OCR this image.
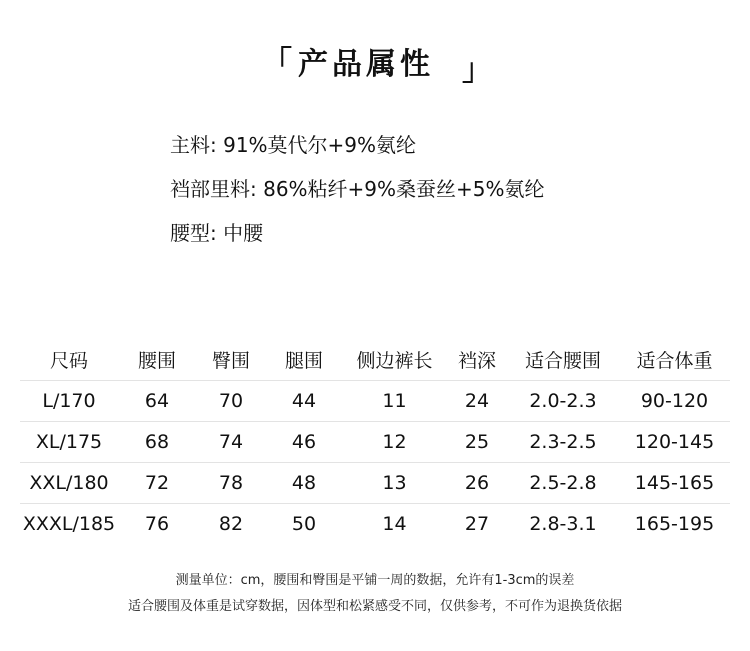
「 产品属性 」
主料: 91%莫代尔+9%氨纶
裆部里料: 86%粘纤+9%桑蚕丝+5%氨纶
腰型: 中腰
尺码	腰围	臀围	腿围	侧边裤长	裆深	适合腰围	适合体重
L/170	64	70	44	11	24	2.0-2.3	90-120
XL/175	68	74	46	12	25	2.3-2.5	120-145
XXL/180	72	78	48	13	26	2.5-2.8	145-165
XXXL/185	76	82	50	14	27	2.8-3.1	165-195
测量单位：cm，腰围和臀围是平铺一周的数据，允许有1-3cm的误差
适合腰围及体重是试穿数据，因体型和松紧感受不同，仅供参考，不可作为退换货依据
